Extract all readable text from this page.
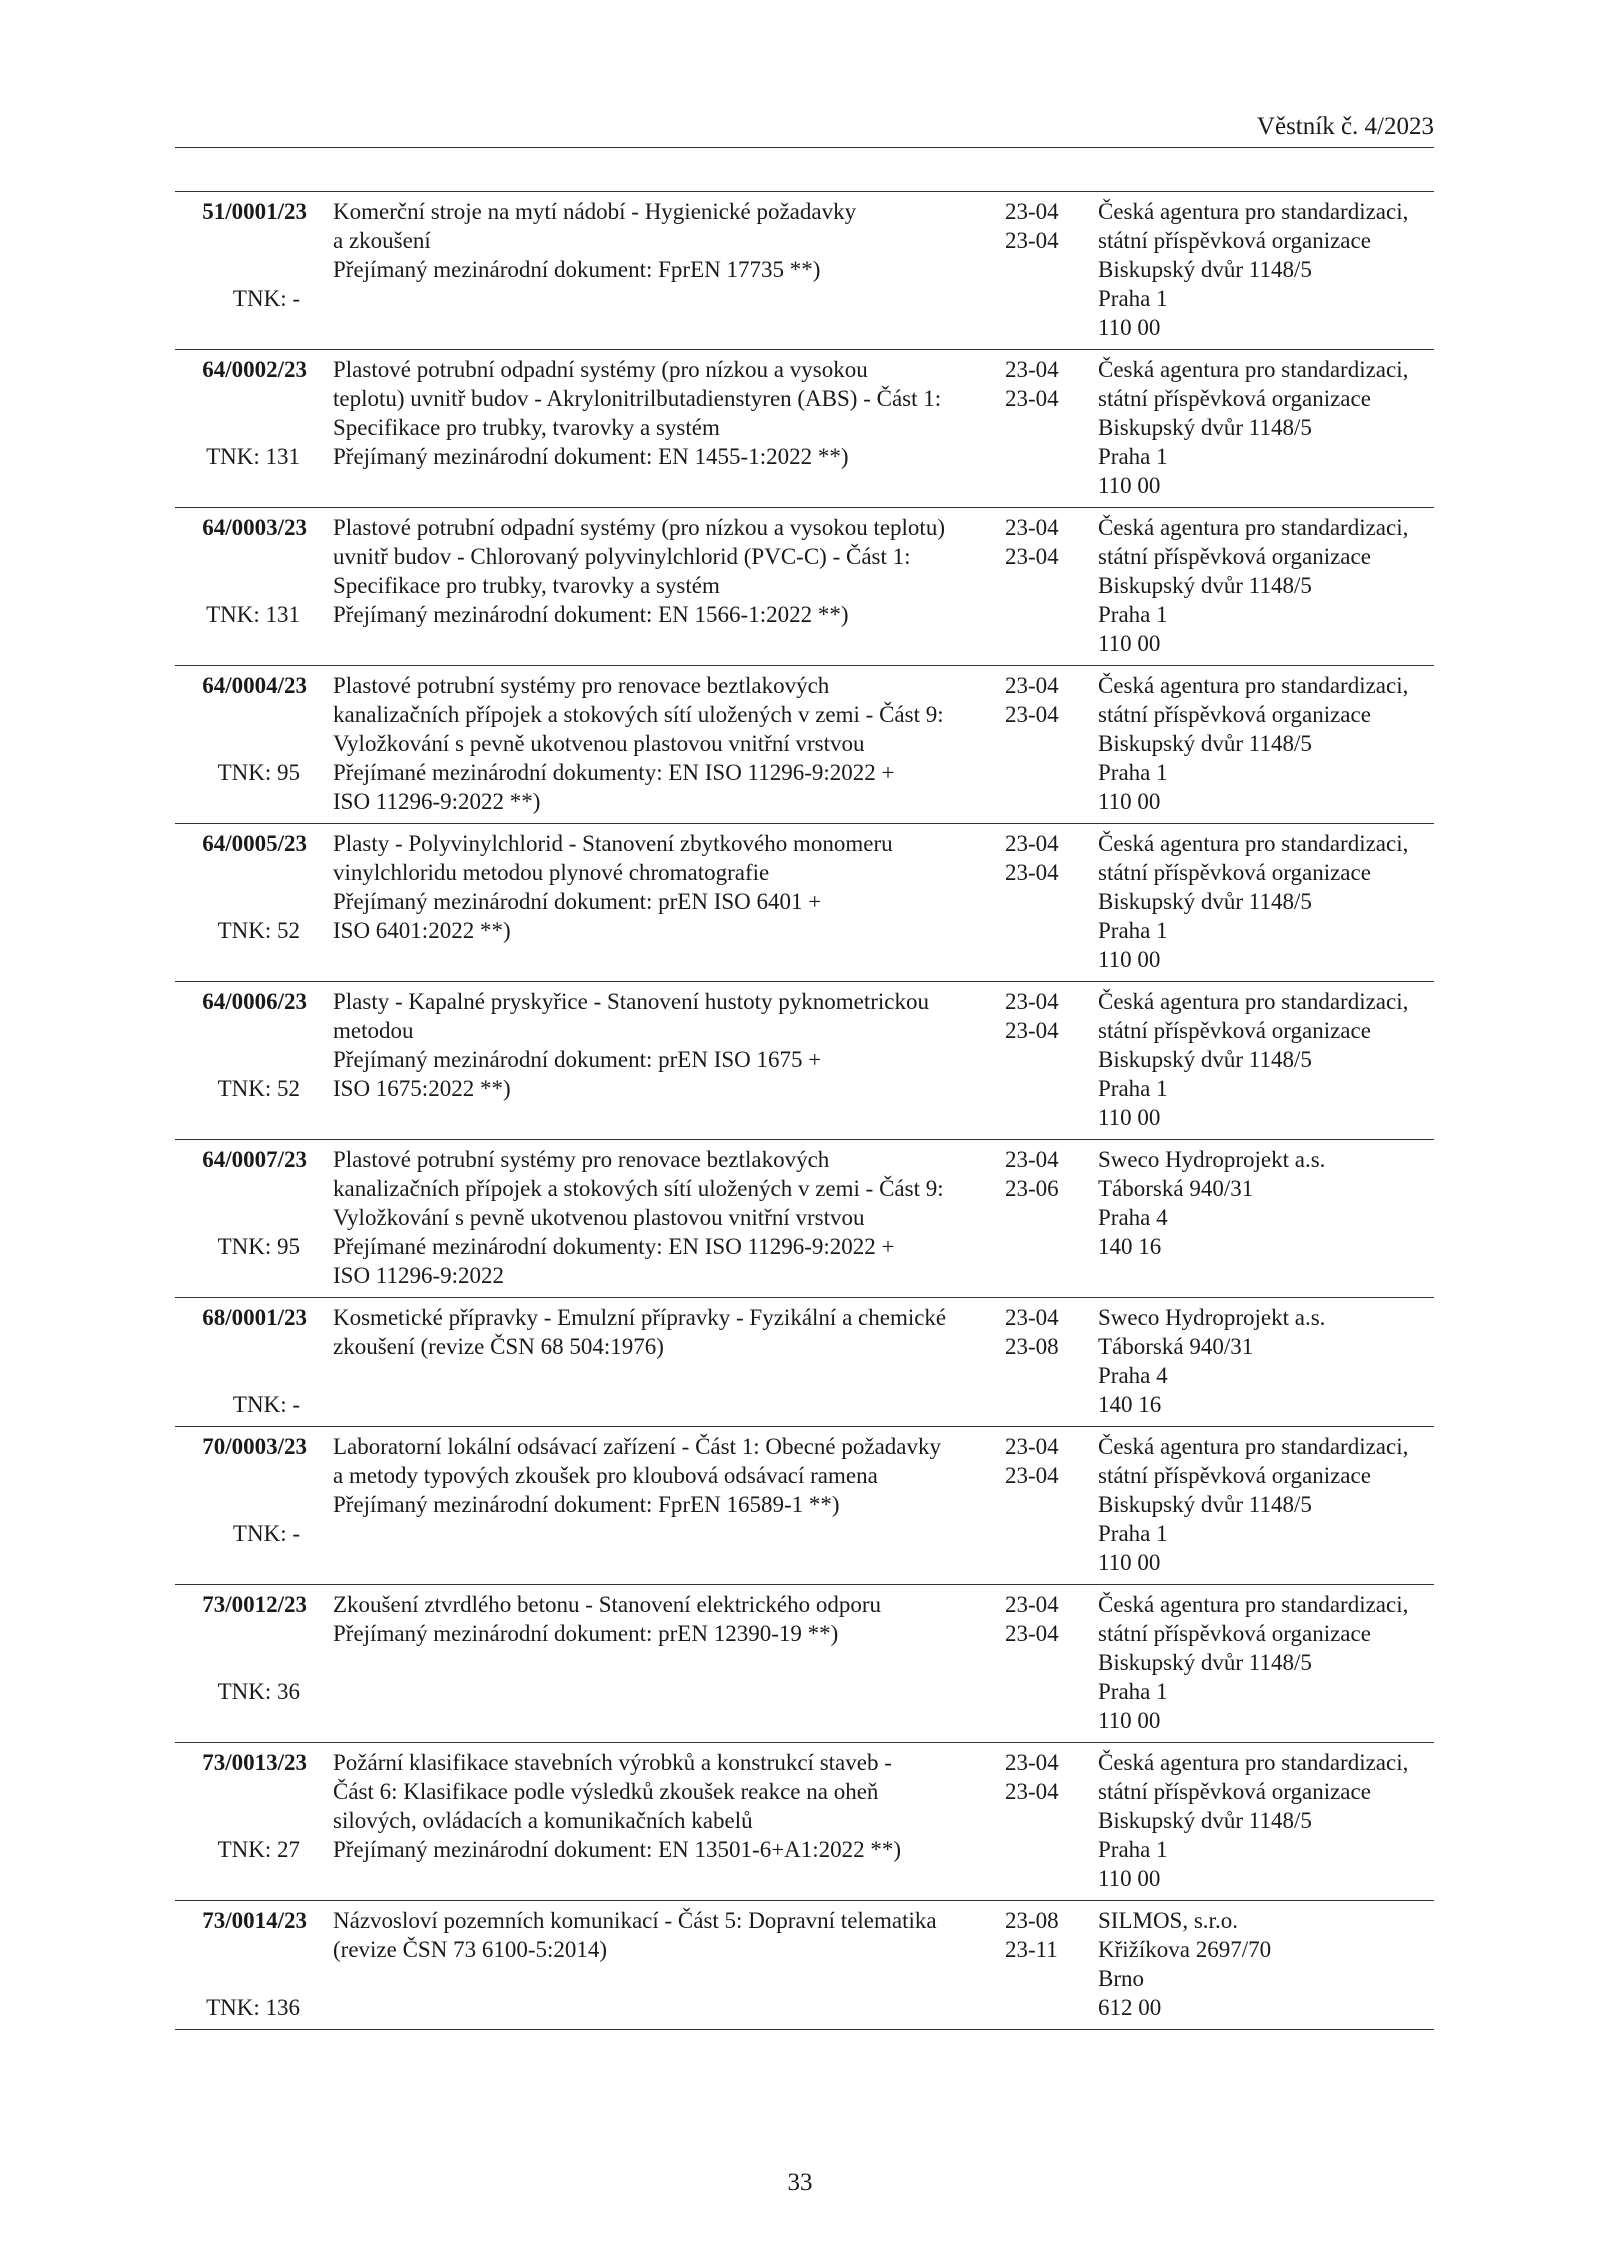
Věstník č. 4/2023
51/0001/23
TNK: -
Komerční stroje na mytí nádobí - Hygienické požadavky
a zkoušení
Přejímaný mezinárodní dokument: FprEN 17735 **)
23-04
23-04
Česká agentura pro standardizaci,
státní příspěvková organizace
Biskupský dvůr 1148/5
Praha 1
110 00
64/0002/23
TNK: 131
Plastové potrubní odpadní systémy (pro nízkou a vysokou
teplotu) uvnitř budov - Akrylonitrilbutadienstyren (ABS) - Část 1:
Specifikace pro trubky, tvarovky a systém
Přejímaný mezinárodní dokument: EN 1455-1:2022 **)
23-04
23-04
Česká agentura pro standardizaci,
státní příspěvková organizace
Biskupský dvůr 1148/5
Praha 1
110 00
64/0003/23
TNK: 131
Plastové potrubní odpadní systémy (pro nízkou a vysokou teplotu)
uvnitř budov - Chlorovaný polyvinylchlorid (PVC-C) - Část 1:
Specifikace pro trubky, tvarovky a systém
Přejímaný mezinárodní dokument: EN 1566-1:2022 **)
23-04
23-04
Česká agentura pro standardizaci,
státní příspěvková organizace
Biskupský dvůr 1148/5
Praha 1
110 00
64/0004/23
TNK: 95
Plastové potrubní systémy pro renovace beztlakových
kanalizačních přípojek a stokových sítí uložených v zemi - Část 9:
Vyložkování s pevně ukotvenou plastovou vnitřní vrstvou
Přejímané mezinárodní dokumenty: EN ISO 11296-9:2022 +
ISO 11296-9:2022 **)
23-04
23-04
Česká agentura pro standardizaci,
státní příspěvková organizace
Biskupský dvůr 1148/5
Praha 1
110 00
64/0005/23
TNK: 52
Plasty - Polyvinylchlorid - Stanovení zbytkového monomeru
vinylchloridu metodou plynové chromatografie
Přejímaný mezinárodní dokument: prEN ISO 6401 +
ISO 6401:2022 **)
23-04
23-04
Česká agentura pro standardizaci,
státní příspěvková organizace
Biskupský dvůr 1148/5
Praha 1
110 00
64/0006/23
TNK: 52
Plasty - Kapalné pryskyřice - Stanovení hustoty pyknometrickou
metodou
Přejímaný mezinárodní dokument: prEN ISO 1675 +
ISO 1675:2022 **)
23-04
23-04
Česká agentura pro standardizaci,
státní příspěvková organizace
Biskupský dvůr 1148/5
Praha 1
110 00
64/0007/23
TNK: 95
Plastové potrubní systémy pro renovace beztlakových
kanalizačních přípojek a stokových sítí uložených v zemi - Část 9:
Vyložkování s pevně ukotvenou plastovou vnitřní vrstvou
Přejímané mezinárodní dokumenty: EN ISO 11296-9:2022 +
ISO 11296-9:2022
23-04
23-06
Sweco Hydroprojekt a.s.
Táborská 940/31
Praha 4
140 16
68/0001/23
TNK: -
Kosmetické přípravky - Emulzní přípravky - Fyzikální a chemické
zkoušení (revize ČSN 68 504:1976)
23-04
23-08
Sweco Hydroprojekt a.s.
Táborská 940/31
Praha 4
140 16
70/0003/23
TNK: -
Laboratorní lokální odsávací zařízení - Část 1: Obecné požadavky
a metody typových zkoušek pro kloubová odsávací ramena
Přejímaný mezinárodní dokument: FprEN 16589-1 **)
23-04
23-04
Česká agentura pro standardizaci,
státní příspěvková organizace
Biskupský dvůr 1148/5
Praha 1
110 00
73/0012/23
TNK: 36
Zkoušení ztvrdlého betonu - Stanovení elektrického odporu
Přejímaný mezinárodní dokument: prEN 12390-19 **)
23-04
23-04
Česká agentura pro standardizaci,
státní příspěvková organizace
Biskupský dvůr 1148/5
Praha 1
110 00
73/0013/23
TNK: 27
Požární klasifikace stavebních výrobků a konstrukcí staveb -
Část 6: Klasifikace podle výsledků zkoušek reakce na oheň
silových, ovládacích a komunikačních kabelů
Přejímaný mezinárodní dokument: EN 13501-6+A1:2022 **)
23-04
23-04
Česká agentura pro standardizaci,
státní příspěvková organizace
Biskupský dvůr 1148/5
Praha 1
110 00
73/0014/23
TNK: 136
Názvosloví pozemních komunikací - Část 5: Dopravní telematika
(revize ČSN 73 6100-5:2014)
23-08
23-11
SILMOS, s.r.o.
Křižíkova 2697/70
Brno
612 00
33
